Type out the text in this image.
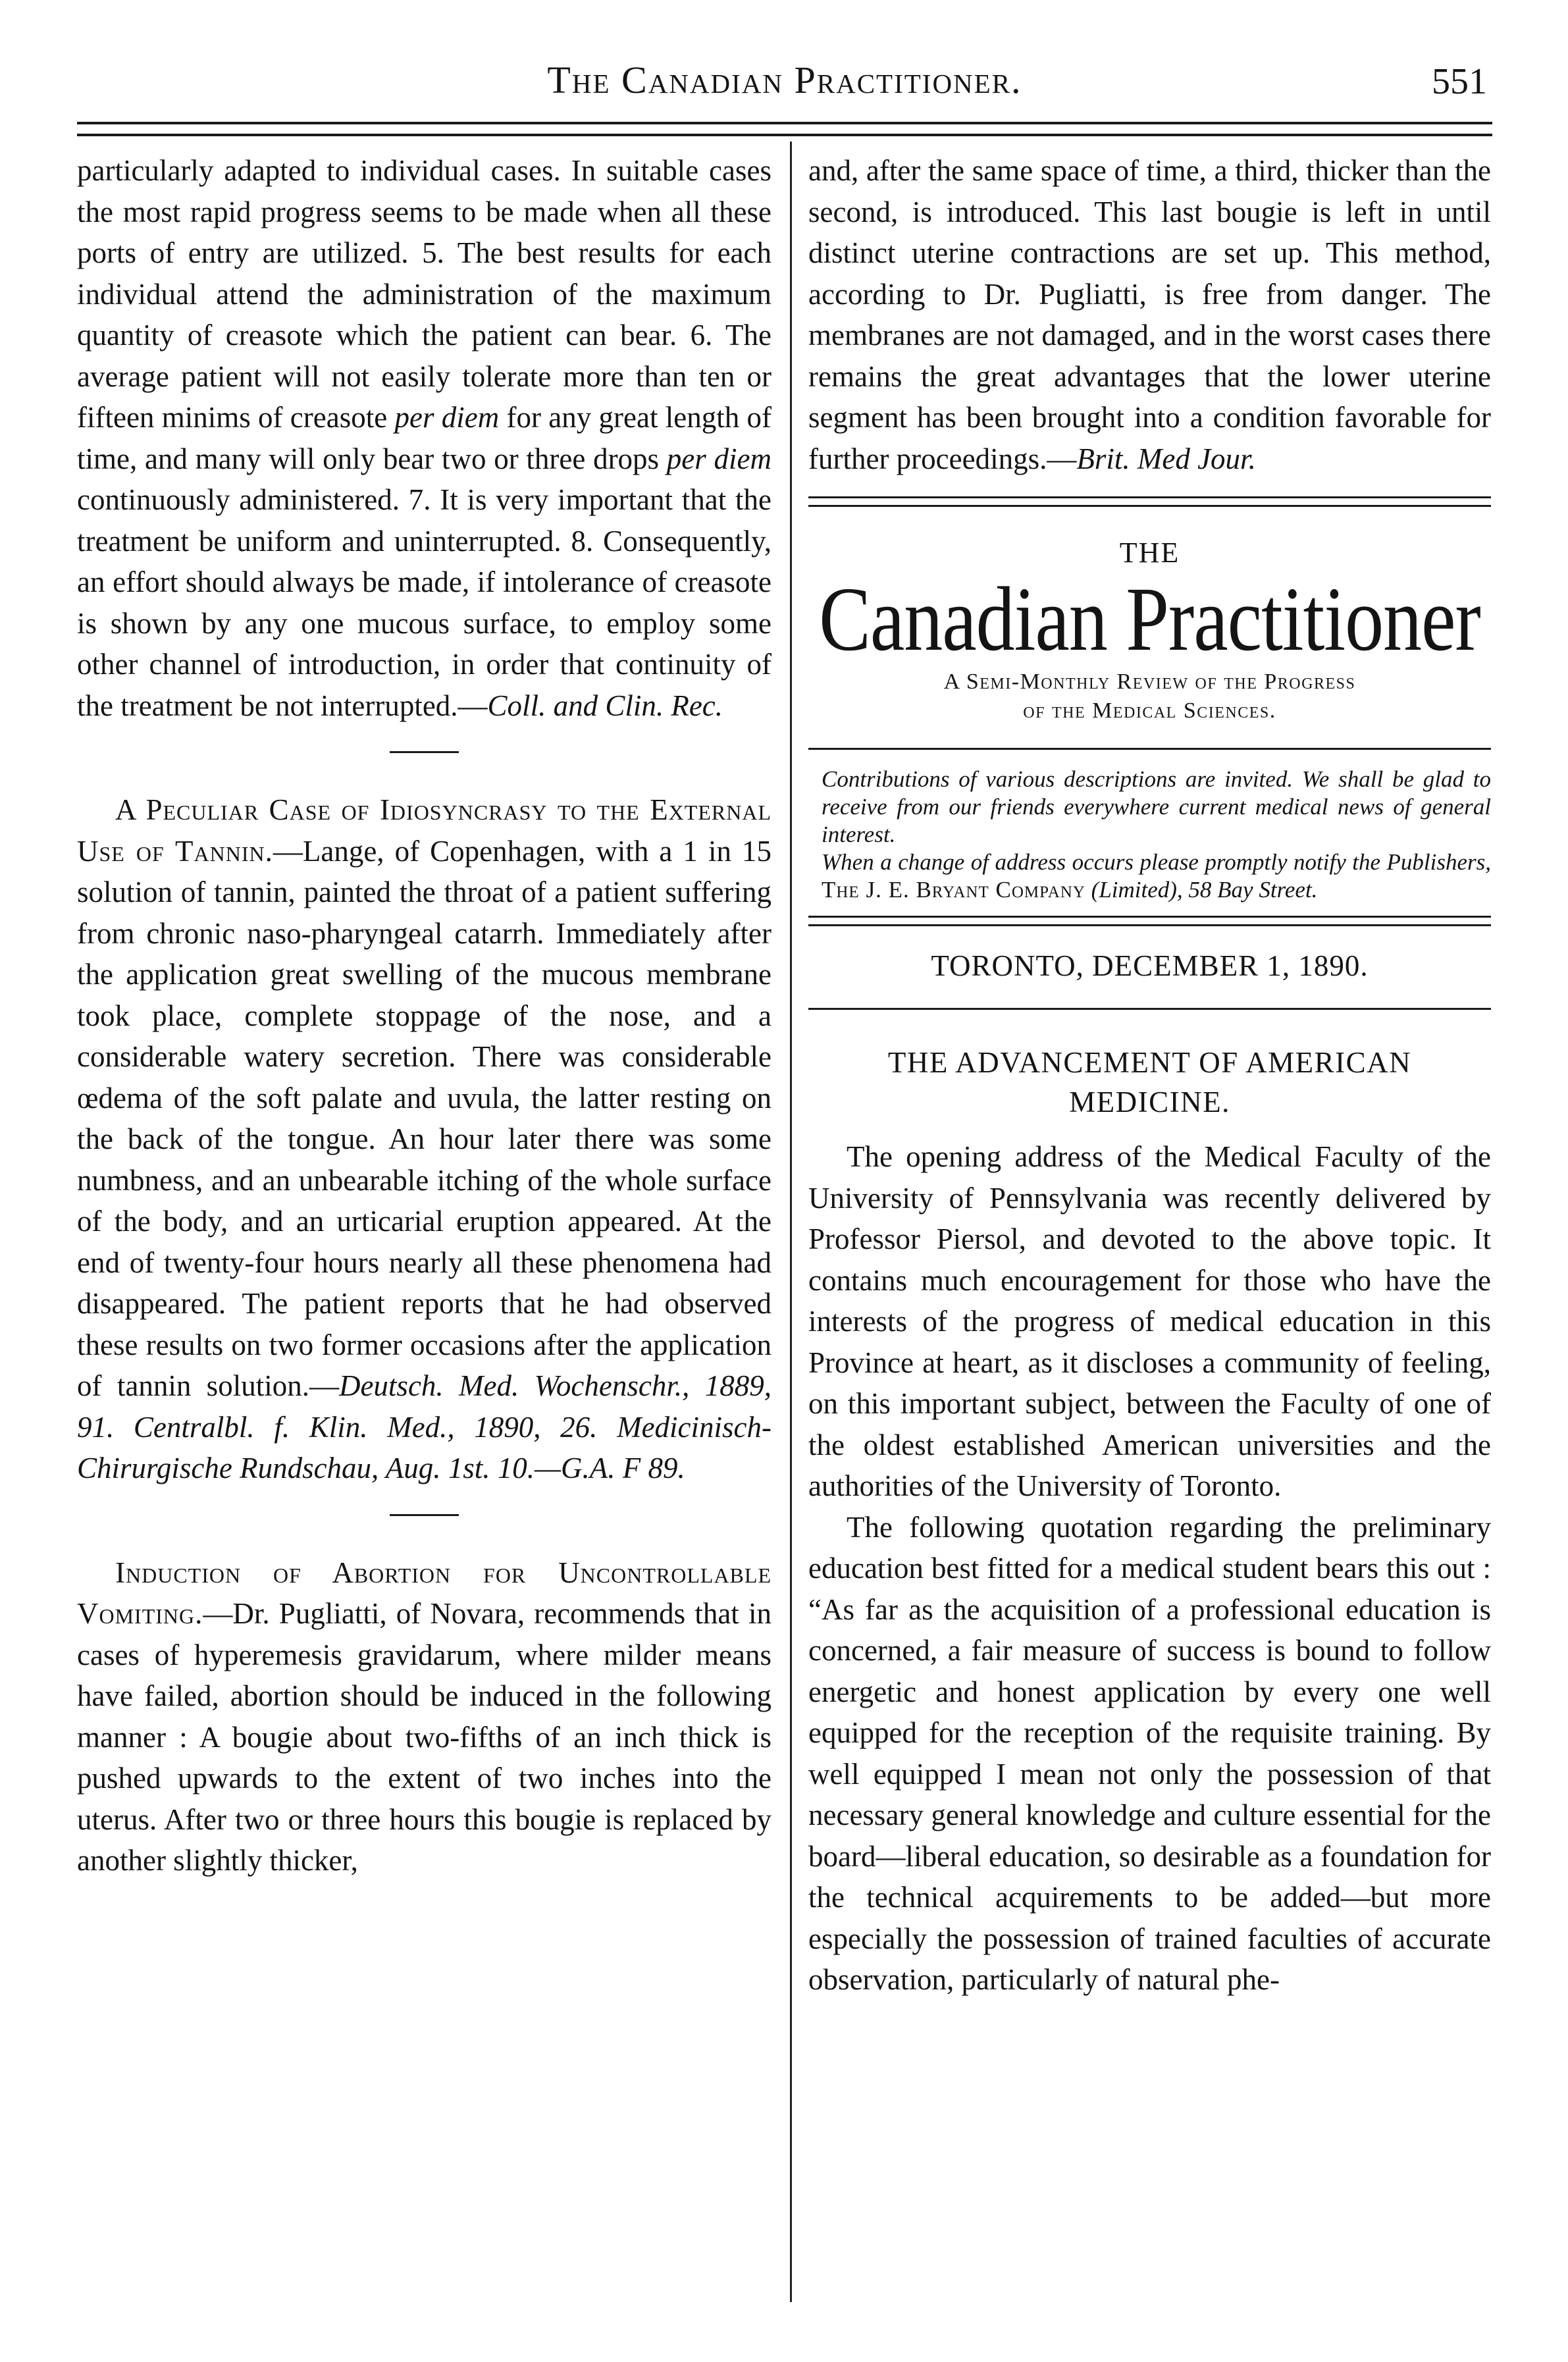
The Canadian Practitioner.	551

particularly adapted to individual cases. In suitable cases the most rapid progress seems to be made when all these ports of entry are utilized. 5. The best results for each individual attend the administration of the maximum quantity of creasote which the patient can bear. 6. The average patient will not easily tolerate more than ten or fifteen minims of creasote per diem for any great length of time, and many will only bear two or three drops per diem continuously administered. 7. It is very important that the treatment be uniform and uninterrupted. 8. Consequently, an effort should always be made, if intolerance of creasote is shown by any one mucous surface, to employ some other channel of introduction, in order that continuity of the treatment be not interrupted.—Coll. and Clin. Rec.

A Peculiar Case of Idiosyncrasy to the External Use of Tannin.—Lange, of Copenhagen, with a 1 in 15 solution of tannin, painted the throat of a patient suffering from chronic naso-pharyngeal catarrh. Immediately after the application great swelling of the mucous membrane took place, complete stoppage of the nose, and a considerable watery secretion. There was considerable œdema of the soft palate and uvula, the latter resting on the back of the tongue. An hour later there was some numbness, and an unbearable itching of the whole surface of the body, and an urticarial eruption appeared. At the end of twenty-four hours nearly all these phenomena had disappeared. The patient reports that he had observed these results on two former occasions after the application of tannin solution.—Deutsch. Med. Wochenschr., 1889, 91. Centralbl. f. Klin. Med., 1890, 26. Medicinisch-Chirurgische Rundschau, Aug. 1st. 10.—G.A. F 89.

Induction of Abortion for Uncontrollable Vomiting.—Dr. Pugliatti, of Novara, recommends that in cases of hyperemesis gravidarum, where milder means have failed, abortion should be induced in the following manner : A bougie about two-fifths of an inch thick is pushed upwards to the extent of two inches into the uterus. After two or three hours this bougie is replaced by another slightly thicker,

and, after the same space of time, a third, thicker than the second, is introduced. This last bougie is left in until distinct uterine contractions are set up. This method, according to Dr. Pugliatti, is free from danger. The membranes are not damaged, and in the worst cases there remains the great advantages that the lower uterine segment has been brought into a condition favorable for further proceedings.—Brit. Med Jour.

THE
Canadian Practitioner
A Semi-Monthly Review of the Progress
of the Medical Sciences.

Contributions of various descriptions are invited. We shall be glad to receive from our friends everywhere current medical news of general interest.

When a change of address occurs please promptly notify the Publishers, The J. E. Bryant Company (Limited), 58 Bay Street.

TORONTO, DECEMBER 1, 1890.
THE ADVANCEMENT OF AMERICAN MEDICINE.

The opening address of the Medical Faculty of the University of Pennsylvania was recently delivered by Professor Piersol, and devoted to the above topic. It contains much encouragement for those who have the interests of the progress of medical education in this Province at heart, as it discloses a community of feeling, on this important subject, between the Faculty of one of the oldest established American universities and the authorities of the University of Toronto.

The following quotation regarding the preliminary education best fitted for a medical student bears this out : “As far as the acquisition of a professional education is concerned, a fair measure of success is bound to follow energetic and honest application by every one well equipped for the reception of the requisite training. By well equipped I mean not only the possession of that necessary general knowledge and culture essential for the board—liberal education, so desirable as a foundation for the technical acquirements to be added—but more especially the possession of trained faculties of accurate observation, particularly of natural phe-
